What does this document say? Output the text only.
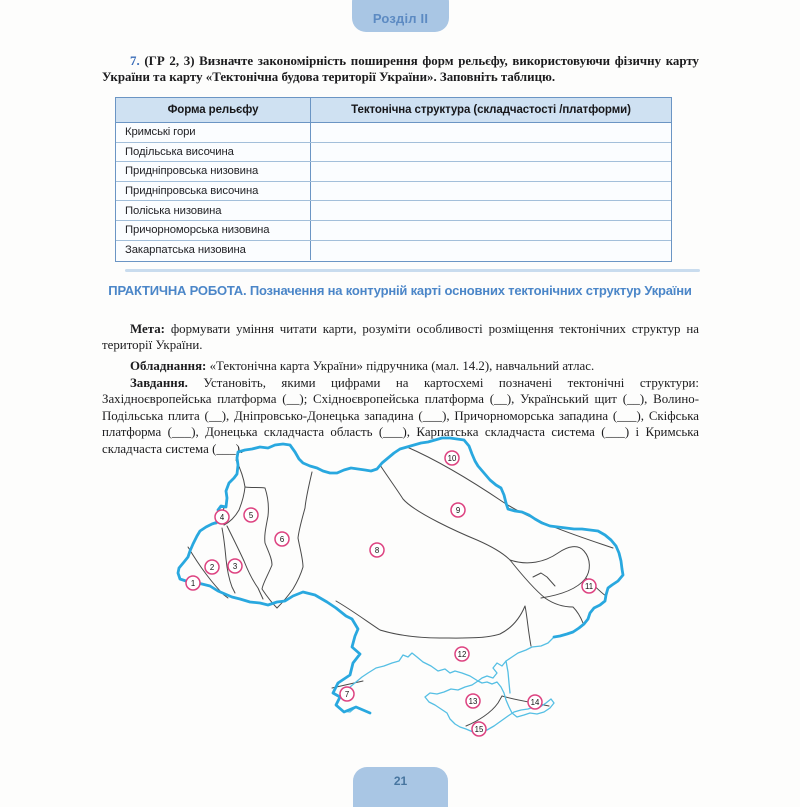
Розділ II

7. (ГР 2, 3) Визначте закономірність поширення форм рельєфу, використовуючи фізичну карту України та карту «Тектонічна будова території України». Заповніть таблицю.

Форма рельєфу	Тектонічна структура (складчастості /платформи)
Кримські гори
Подільська височина
Придніпровська низовина
Придніпровська височина
Поліська низовина
Причорноморська низовина
Закарпатська низовина
ПРАКТИЧНА РОБОТА. Позначення на контурній карті основних тектонічних структур України

Мета: формувати уміння читати карти, розуміти особливості розміщення тектонічних структур на території України.

Обладнання: «Тектонічна карта України» підручника (мал. 14.2), навчальний атлас.

Завдання. Установіть, якими цифрами на картосхемі позначені тектонічні структури: Західноєвропейська платформа (__); Східноєвропейська платформа (__), Український щит (__), Волино-Подільська плита (__), Дніпровсько-Донецька западина (___), Причорноморська западина (___), Скіфська платформа (___), Донецька складчаста область (___), Карпатська складчаста система (___) і Кримська складчаста система (___).

1
2 3
4	5
6
7
8
9
10
11
12
13	14
15
21
